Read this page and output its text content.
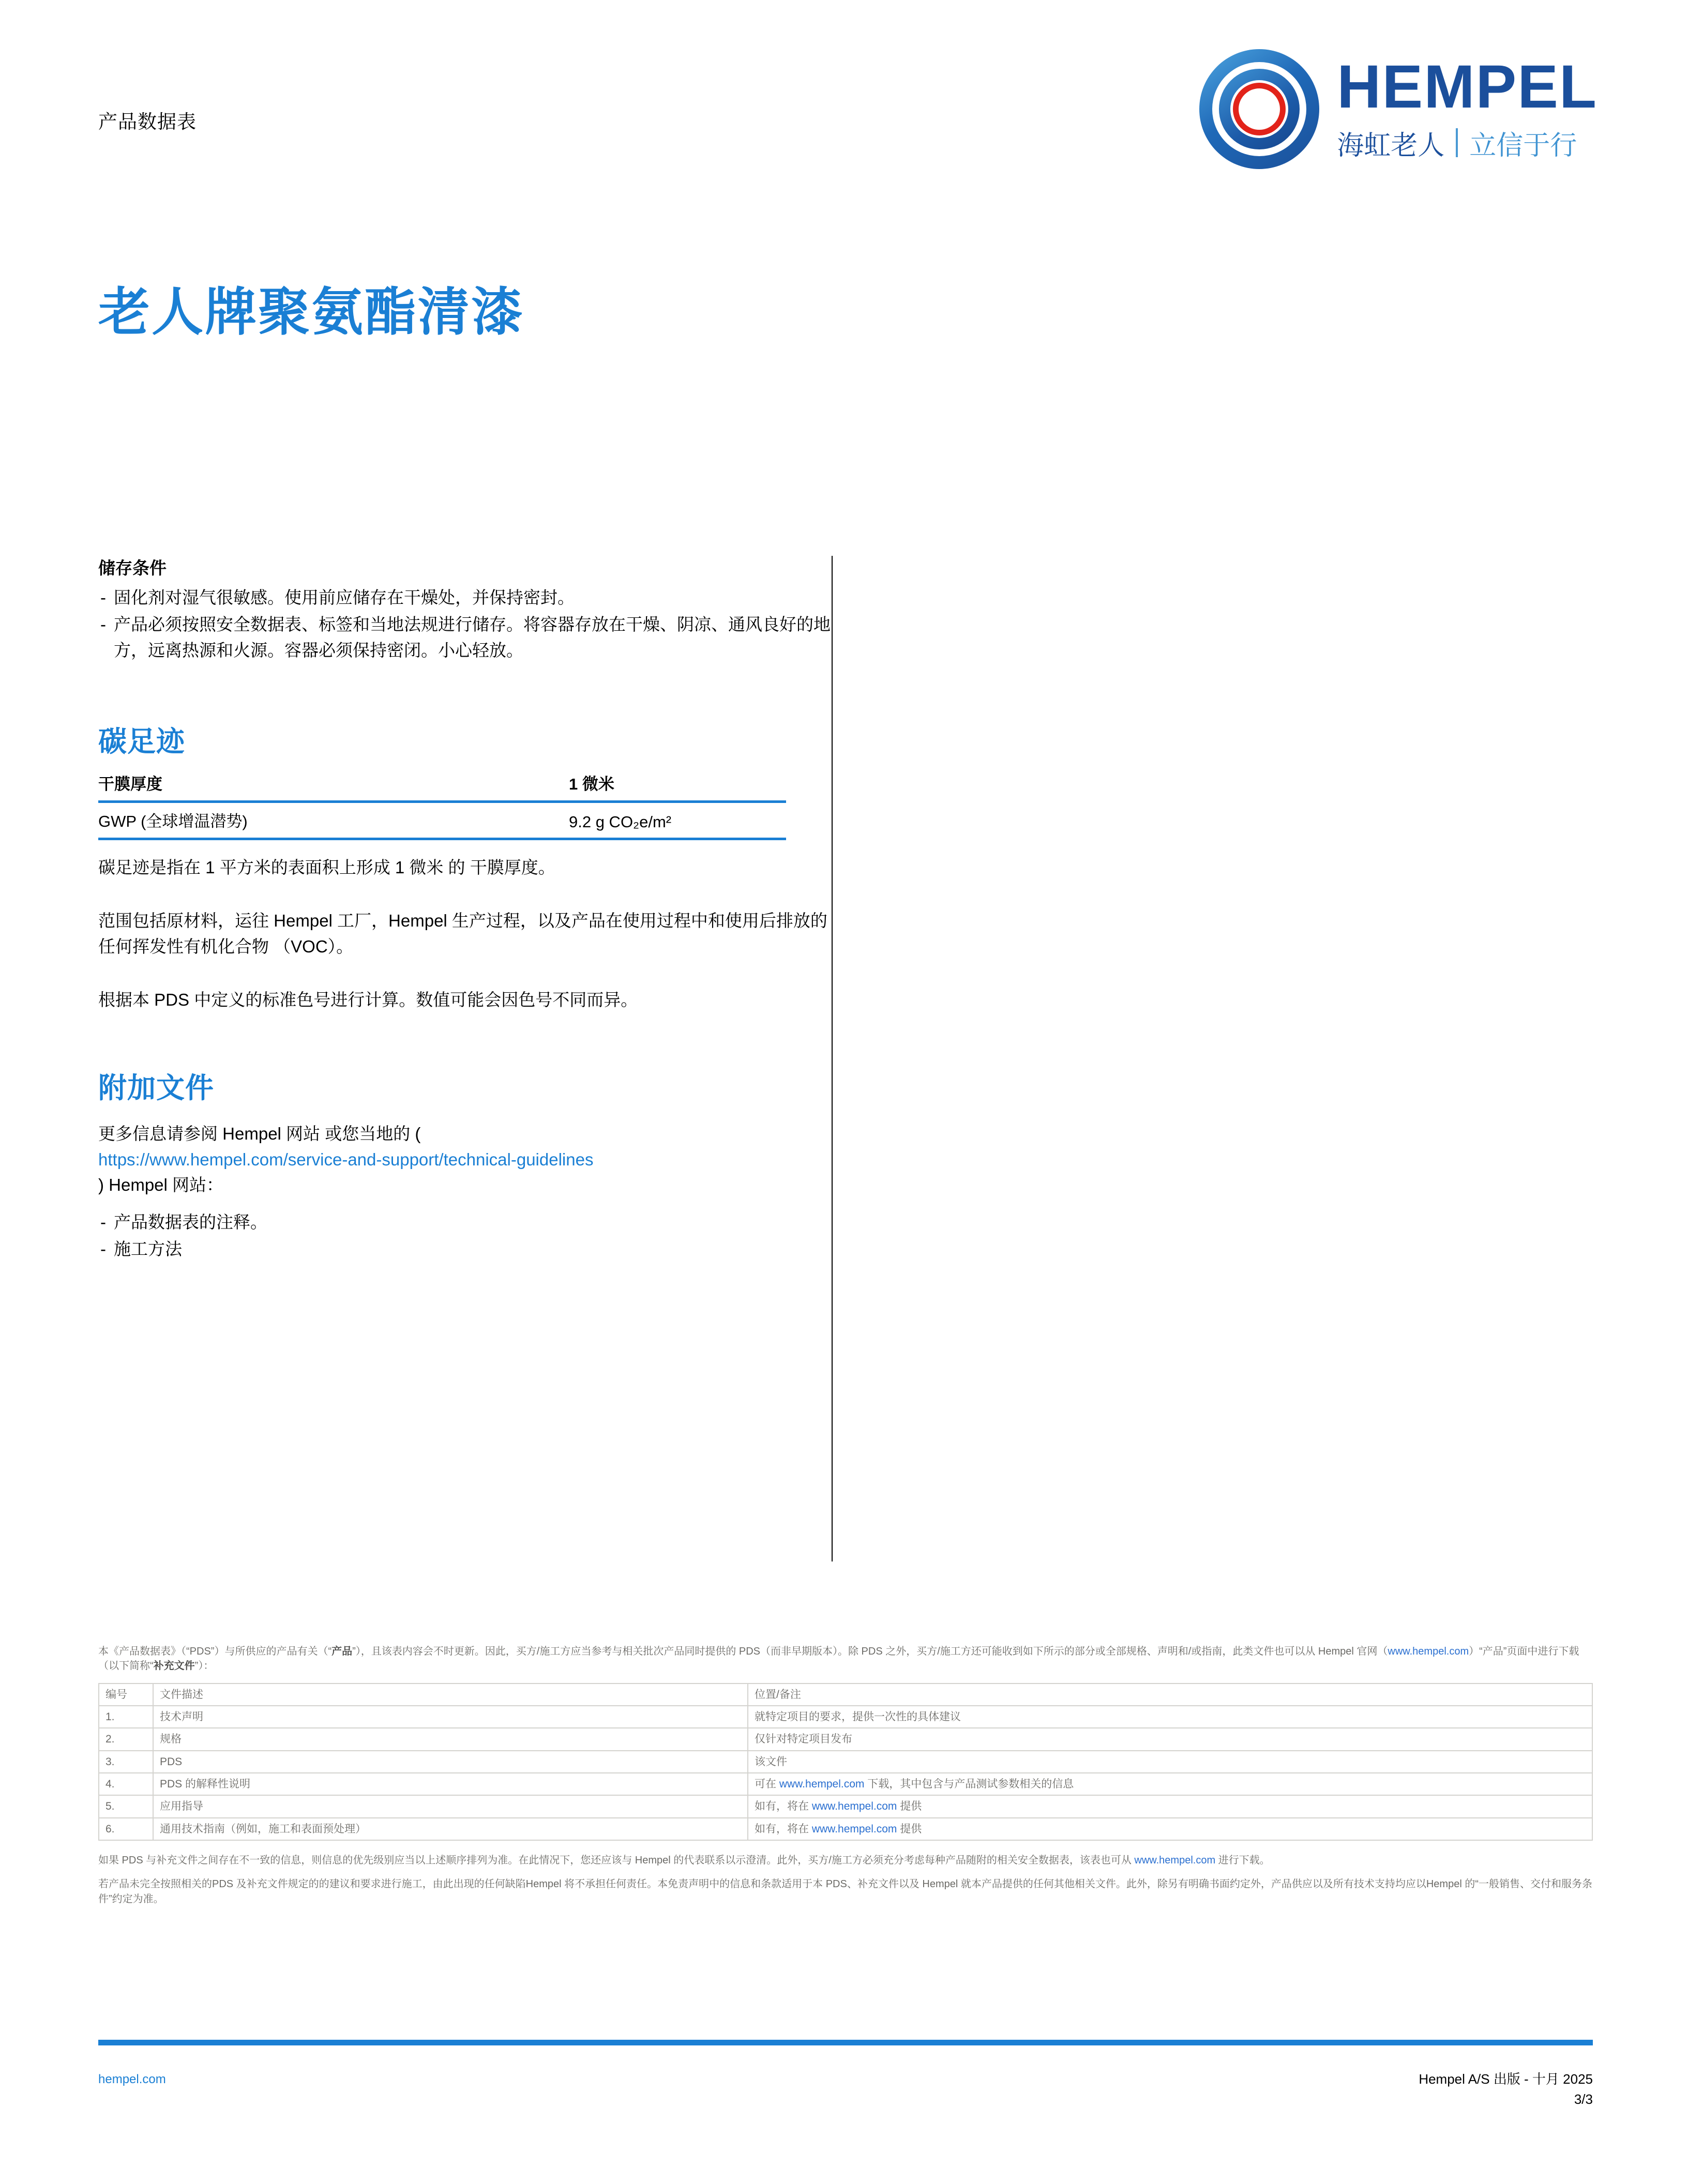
产品数据表
HEMPEL
海虹老人 立信于行
老人牌聚氨酯清漆
储存条件
- 固化剂对湿气很敏感。使用前应储存在干燥处，并保持密封。
- 产品必须按照安全数据表、标签和当地法规进行储存。将容器存放在干燥、阴凉、通风良好的地方，远离热源和火源。容器必须保持密闭。小心轻放。
碳足迹
干膜厚度	1 微米
GWP (全球增温潜势)	9.2 g CO₂e/m²

碳足迹是指在 1 平方米的表面积上形成 1 微米 的 干膜厚度。

范围包括原材料，运往 Hempel 工厂，Hempel 生产过程，以及产品在使用过程中和使用后排放的任何挥发性有机化合物 （VOC）。

根据本 PDS 中定义的标准色号进行计算。数值可能会因色号不同而异。

附加文件

更多信息请参阅 Hempel 网站 或您当地的 (
https://www.hempel.com/service-and-support/technical-guidelines
) Hempel 网站：

- 产品数据表的注释。
- 施工方法

本《产品数据表》（“PDS”）与所供应的产品有关（“产品”），且该表内容会不时更新。因此，买方/施工方应当参考与相关批次产品同时提供的 PDS（而非早期版本）。除 PDS 之外，买方/施工方还可能收到如下所示的部分或全部规格、声明和/或指南，此类文件也可以从 Hempel 官网（www.hempel.com）“产品”页面中进行下载（以下简称“补充文件”）：

编号	文件描述	位置/备注
1.	技术声明	就特定项目的要求，提供一次性的具体建议
2.	规格	仅针对特定项目发布
3.	PDS	该文件
4.	PDS 的解释性说明	可在 www.hempel.com 下载，其中包含与产品测试参数相关的信息
5.	应用指导	如有，将在 www.hempel.com 提供
6.	通用技术指南（例如，施工和表面预处理）	如有，将在 www.hempel.com 提供

如果 PDS 与补充文件之间存在不一致的信息，则信息的优先级别应当以上述顺序排列为准。在此情况下，您还应该与 Hempel 的代表联系以示澄清。此外，买方/施工方必须充分考虑每种产品随附的相关安全数据表，该表也可从 www.hempel.com 进行下载。

若产品未完全按照相关的PDS 及补充文件规定的的建议和要求进行施工，由此出现的任何缺陷Hempel 将不承担任何责任。本免责声明中的信息和条款适用于本 PDS、补充文件以及 Hempel 就本产品提供的任何其他相关文件。此外，除另有明确书面约定外，产品供应以及所有技术支持均应以Hempel 的“一般销售、交付和服务条件”约定为准。

hempel.com	Hempel A/S 出版 - 十月 2025
3/3
